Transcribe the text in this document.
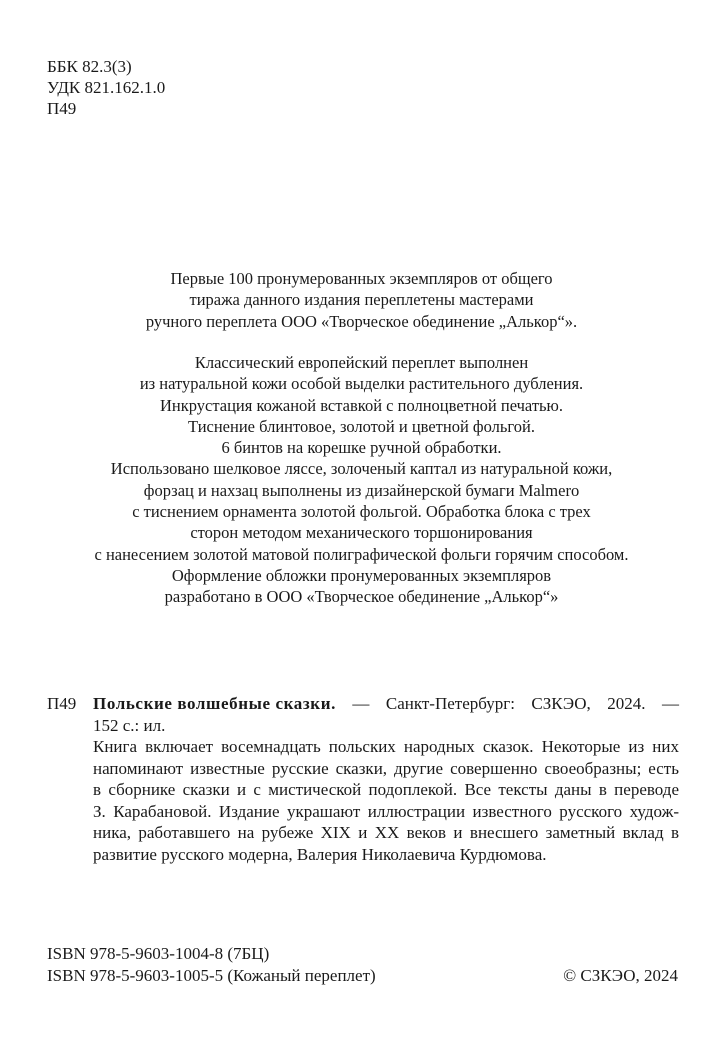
ББК 82.3(3)
УДК 821.162.1.0
П49
Первые 100 пронумерованных экземпляров от общего
тиража данного издания переплетены мастерами
ручного переплета ООО «Творческое обединение „Алькор“».
Классический европейский переплет выполнен
из натуральной кожи особой выделки растительного дубления.
Инкрустация кожаной вставкой с полноцветной печатью.
Тиснение блинтовое, золотой и цветной фольгой.
6 бинтов на корешке ручной обработки.
Использовано шелковое ляссе, золоченый каптал из натуральной кожи,
форзац и нахзац выполнены из дизайнерской бумаги Malmero
с тиснением орнамента золотой фольгой. Обработка блока с трех
сторон методом механического торшонирования
с нанесением золотой матовой полиграфической фольги горячим способом.
Оформление обложки пронумерованных экземпляров
разработано в ООО «Творческое обединение „Алькор“»
П49 Польские волшебные сказки. — Санкт-Петербург: СЗКЭО, 2024. —
152 с.: ил.
Книга включает восемнадцать польских народных сказок. Некоторые из них
напоминают известные русские сказки, другие совершенно своеобразны; есть
в сборнике сказки и с мистической подоплекой. Все тексты даны в переводе
З. Карабановой. Издание украшают иллюстрации известного русского худож-
ника, работавшего на рубеже XIX и XX веков и внесшего заметный вклад в
развитие русского модерна, Валерия Николаевича Курдюмова.
ISBN 978-5-9603-1004-8 (7БЦ)
ISBN 978-5-9603-1005-5 (Кожаный переплет)	© СЗКЭО, 2024
